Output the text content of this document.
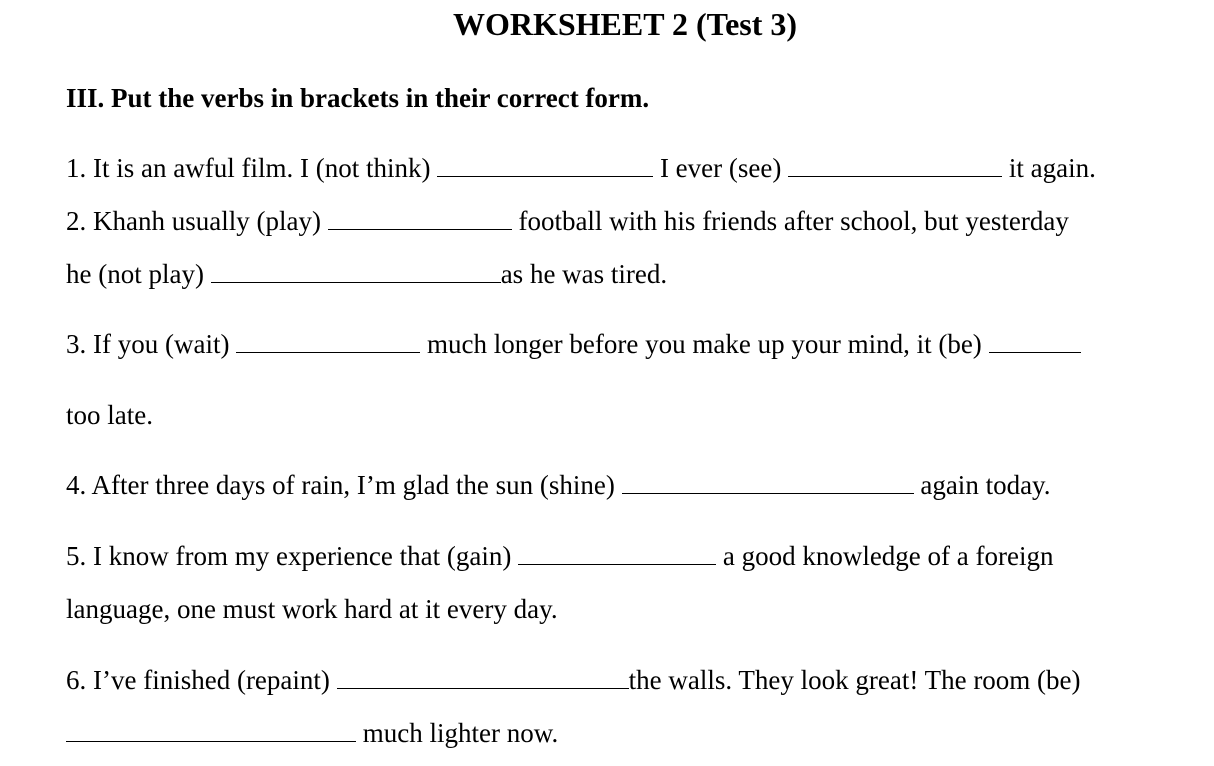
WORKSHEET 2 (Test 3)
III. Put the verbs in brackets in their correct form.

1. It is an awful film. I (not think)	I ever (see)	it again.

2. Khanh usually (play)	football with his friends after school, but yesterday

he (not play)	as he was tired.

3. If you (wait)	much longer before you make up your mind, it (be)

too late.

4. After three days of rain, I’m glad the sun (shine)	again today.

5. I know from my experience that (gain)	a good knowledge of a foreign

language, one must work hard at it every day.

6. I’ve finished (repaint)	the walls. They look great! The room (be)

much lighter now.
